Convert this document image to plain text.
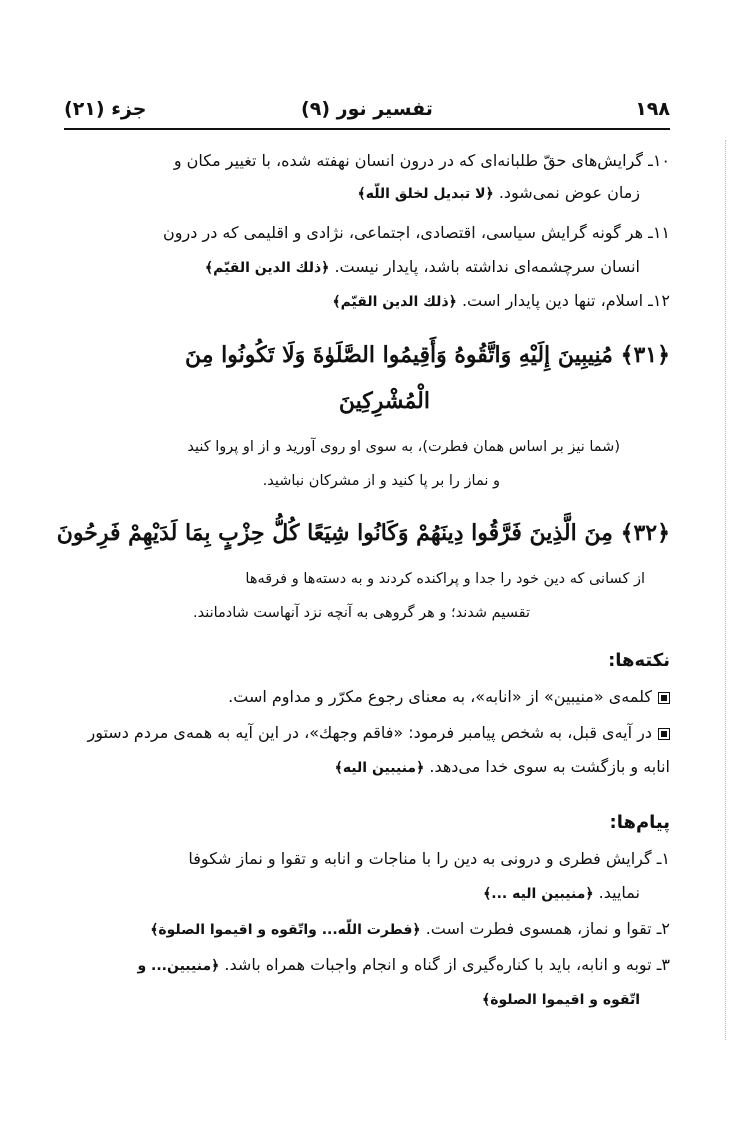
۱۹۸
تفسیر نور (۹)
جزء (۲۱)
۱۰ـ گرایش‌های حقّ طلبانه‌ای که در درون انسان نهفته شده، با تغییر مکان و
زمان عوض نمی‌شود. ﴿لا تبدیل لخلق اللّه﴾
۱۱ـ هر گونه گرایش سیاسی، اقتصادی، اجتماعی، نژادی و اقلیمی که در درون
انسان سرچشمه‌ای نداشته باشد، پایدار نیست. ﴿ذلك الدين القيّم﴾
۱۲ـ اسلام، تنها دین پایدار است. ﴿ذلك الدين القيّم﴾
﴿۳۱﴾ مُنِيبِينَ إِلَيْهِ وَاتَّقُوهُ وَأَقِيمُوا الصَّلَوٰةَ وَلَا تَكُونُوا مِنَ
الْمُشْرِكِينَ
(شما نیز بر اساس همان فطرت)، به سوی او روی آورید و از او پروا کنید
و نماز را بر پا کنید و از مشرکان نباشید.
﴿۳۲﴾ مِنَ الَّذِينَ فَرَّقُوا دِينَهُمْ وَكَانُوا شِيَعًا كُلُّ حِزْبٍ بِمَا لَدَيْهِمْ فَرِحُونَ
از کسانی که دین خود را جدا و پراکنده کردند و به دسته‌ها و فرقه‌ها
تقسیم شدند؛ و هر گروهی به آنچه نزد آنهاست شادمانند.
نکته‌ها:
کلمه‌ی «منیبین» از «انابه»، به معنای رجوع مکرّر و مداوم است.
در آیه‌ی قبل، به شخص پیامبر فرمود: «فاقم وجهك»، در این آیه به همه‌ی مردم دستور
انابه و بازگشت به سوی خدا می‌دهد. ﴿منیبین الیه﴾
پیام‌ها:
۱ـ گرایش فطری و درونی به دین را با مناجات و انابه و تقوا و نماز شکوفا
نمایید. ﴿منیبین الیه ...﴾
۲ـ تقوا و نماز، همسوی فطرت است. ﴿فطرت اللّه... واتّقوه و اقیموا الصلوة﴾
۳ـ توبه و انابه، باید با کناره‌گیری از گناه و انجام واجبات همراه باشد. ﴿منیبین... و
اتّقوه و اقیموا الصلوة﴾
